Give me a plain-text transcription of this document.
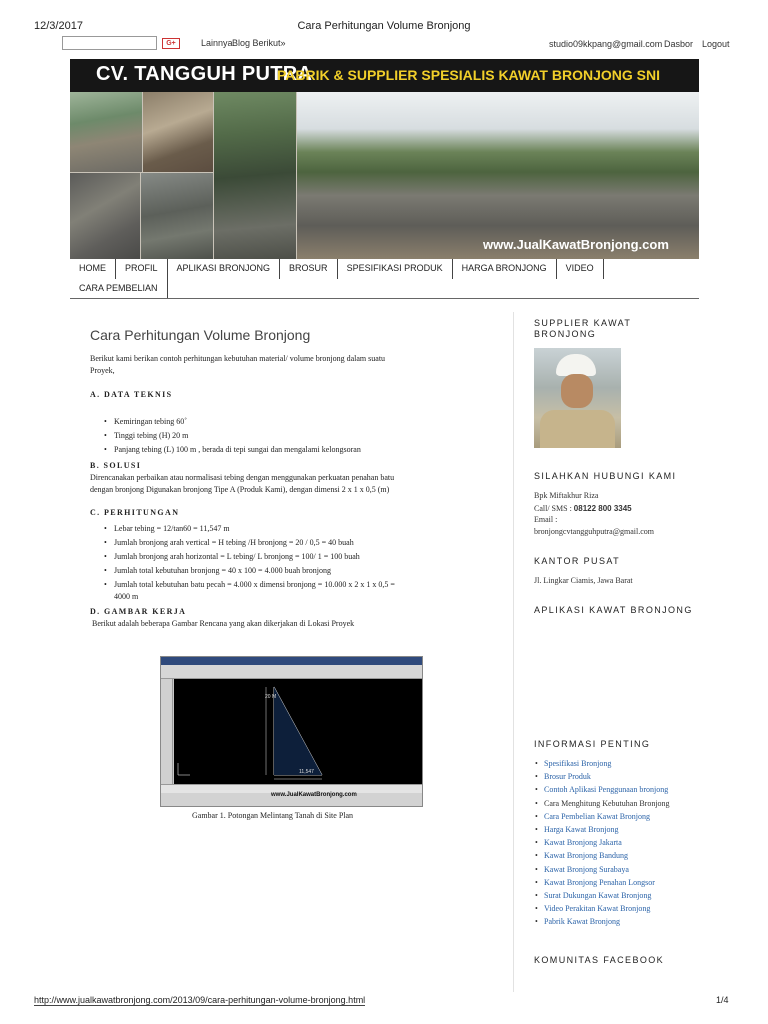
12/3/2017	Cara Perhitungan Volume Bronjong
G+	Lainnya Blog Berikut»	studio09kkpang@gmail.com Dasbor Logout
CV. TANGGUH PUTRA
PABRIK & SUPPLIER SPESIALIS KAWAT BRONJONG SNI
www.JualKawatBronjong.com
HOME	PROFIL	APLIKASI BRONJONG	BROSUR	SPESIFIKASI PRODUK	HARGA BRONJONG	VIDEO
CARA PEMBELIAN
Cara Perhitungan Volume Bronjong
Berikut kami berikan contoh perhitungan kebutuhan material/ volume bronjong dalam suatu
Proyek,
A. DATA TEKNIS
• Kemiringan tebing 60˚
• Tinggi tebing (H) 20 m
• Panjang tebing (L) 100 m , berada di tepi sungai dan mengalami kelongsoran
B. SOLUSI
Direncanakan perbaikan atau normalisasi tebing dengan menggunakan perkuatan penahan batu
dengan bronjong Digunakan bronjong Tipe A (Produk Kami), dengan dimensi 2 x 1 x 0,5 (m)
C. PERHITUNGAN
• Lebar tebing = 12/tan60 = 11,547 m
• Jumlah bronjong arah vertical = H tebing /H bronjong = 20 / 0,5 = 40 buah
• Jumlah bronjong arah horizontal = L tebing/ L bronjong = 100/ 1 = 100 buah
• Jumlah total kebutuhan bronjong = 40 x 100 = 4.000 buah bronjong
• Jumlah total kebutuhan batu pecah = 4.000 x dimensi bronjong = 10.000 x 2 x 1 x 0,5 =
4000 m
D. GAMBAR KERJA
Berikut adalah beberapa Gambar Rencana yang akan dikerjakan di Lokasi Proyek
20 M
11,547
www.JualKawatBronjong.com
Gambar 1. Potongan Melintang Tanah di Site Plan
SUPPLIER KAWAT BRONJONG
SILAHKAN HUBUNGI KAMI
Bpk Miftakhur Riza
Call/ SMS : 08122 800 3345
Email :
bronjongcvtangguhputra@gmail.com
KANTOR PUSAT
Jl. Lingkar Ciamis, Jawa Barat
APLIKASI KAWAT BRONJONG
INFORMASI PENTING
• Spesifikasi Bronjong
• Brosur Produk
• Contoh Aplikasi Penggunaan bronjong
• Cara Menghitung Kebutuhan Bronjong
• Cara Pembelian Kawat Bronjong
• Harga Kawat Bronjong
• Kawat Bronjong Jakarta
• Kawat Bronjong Bandung
• Kawat Bronjong Surabaya
• Kawat Bronjong Penahan Longsor
• Surat Dukungan Kawat Bronjong
• Video Perakitan Kawat Bronjong
• Pabrik Kawat Bronjong
KOMUNITAS FACEBOOK
http://www.jualkawatbronjong.com/2013/09/cara-perhitungan-volume-bronjong.html	1/4
